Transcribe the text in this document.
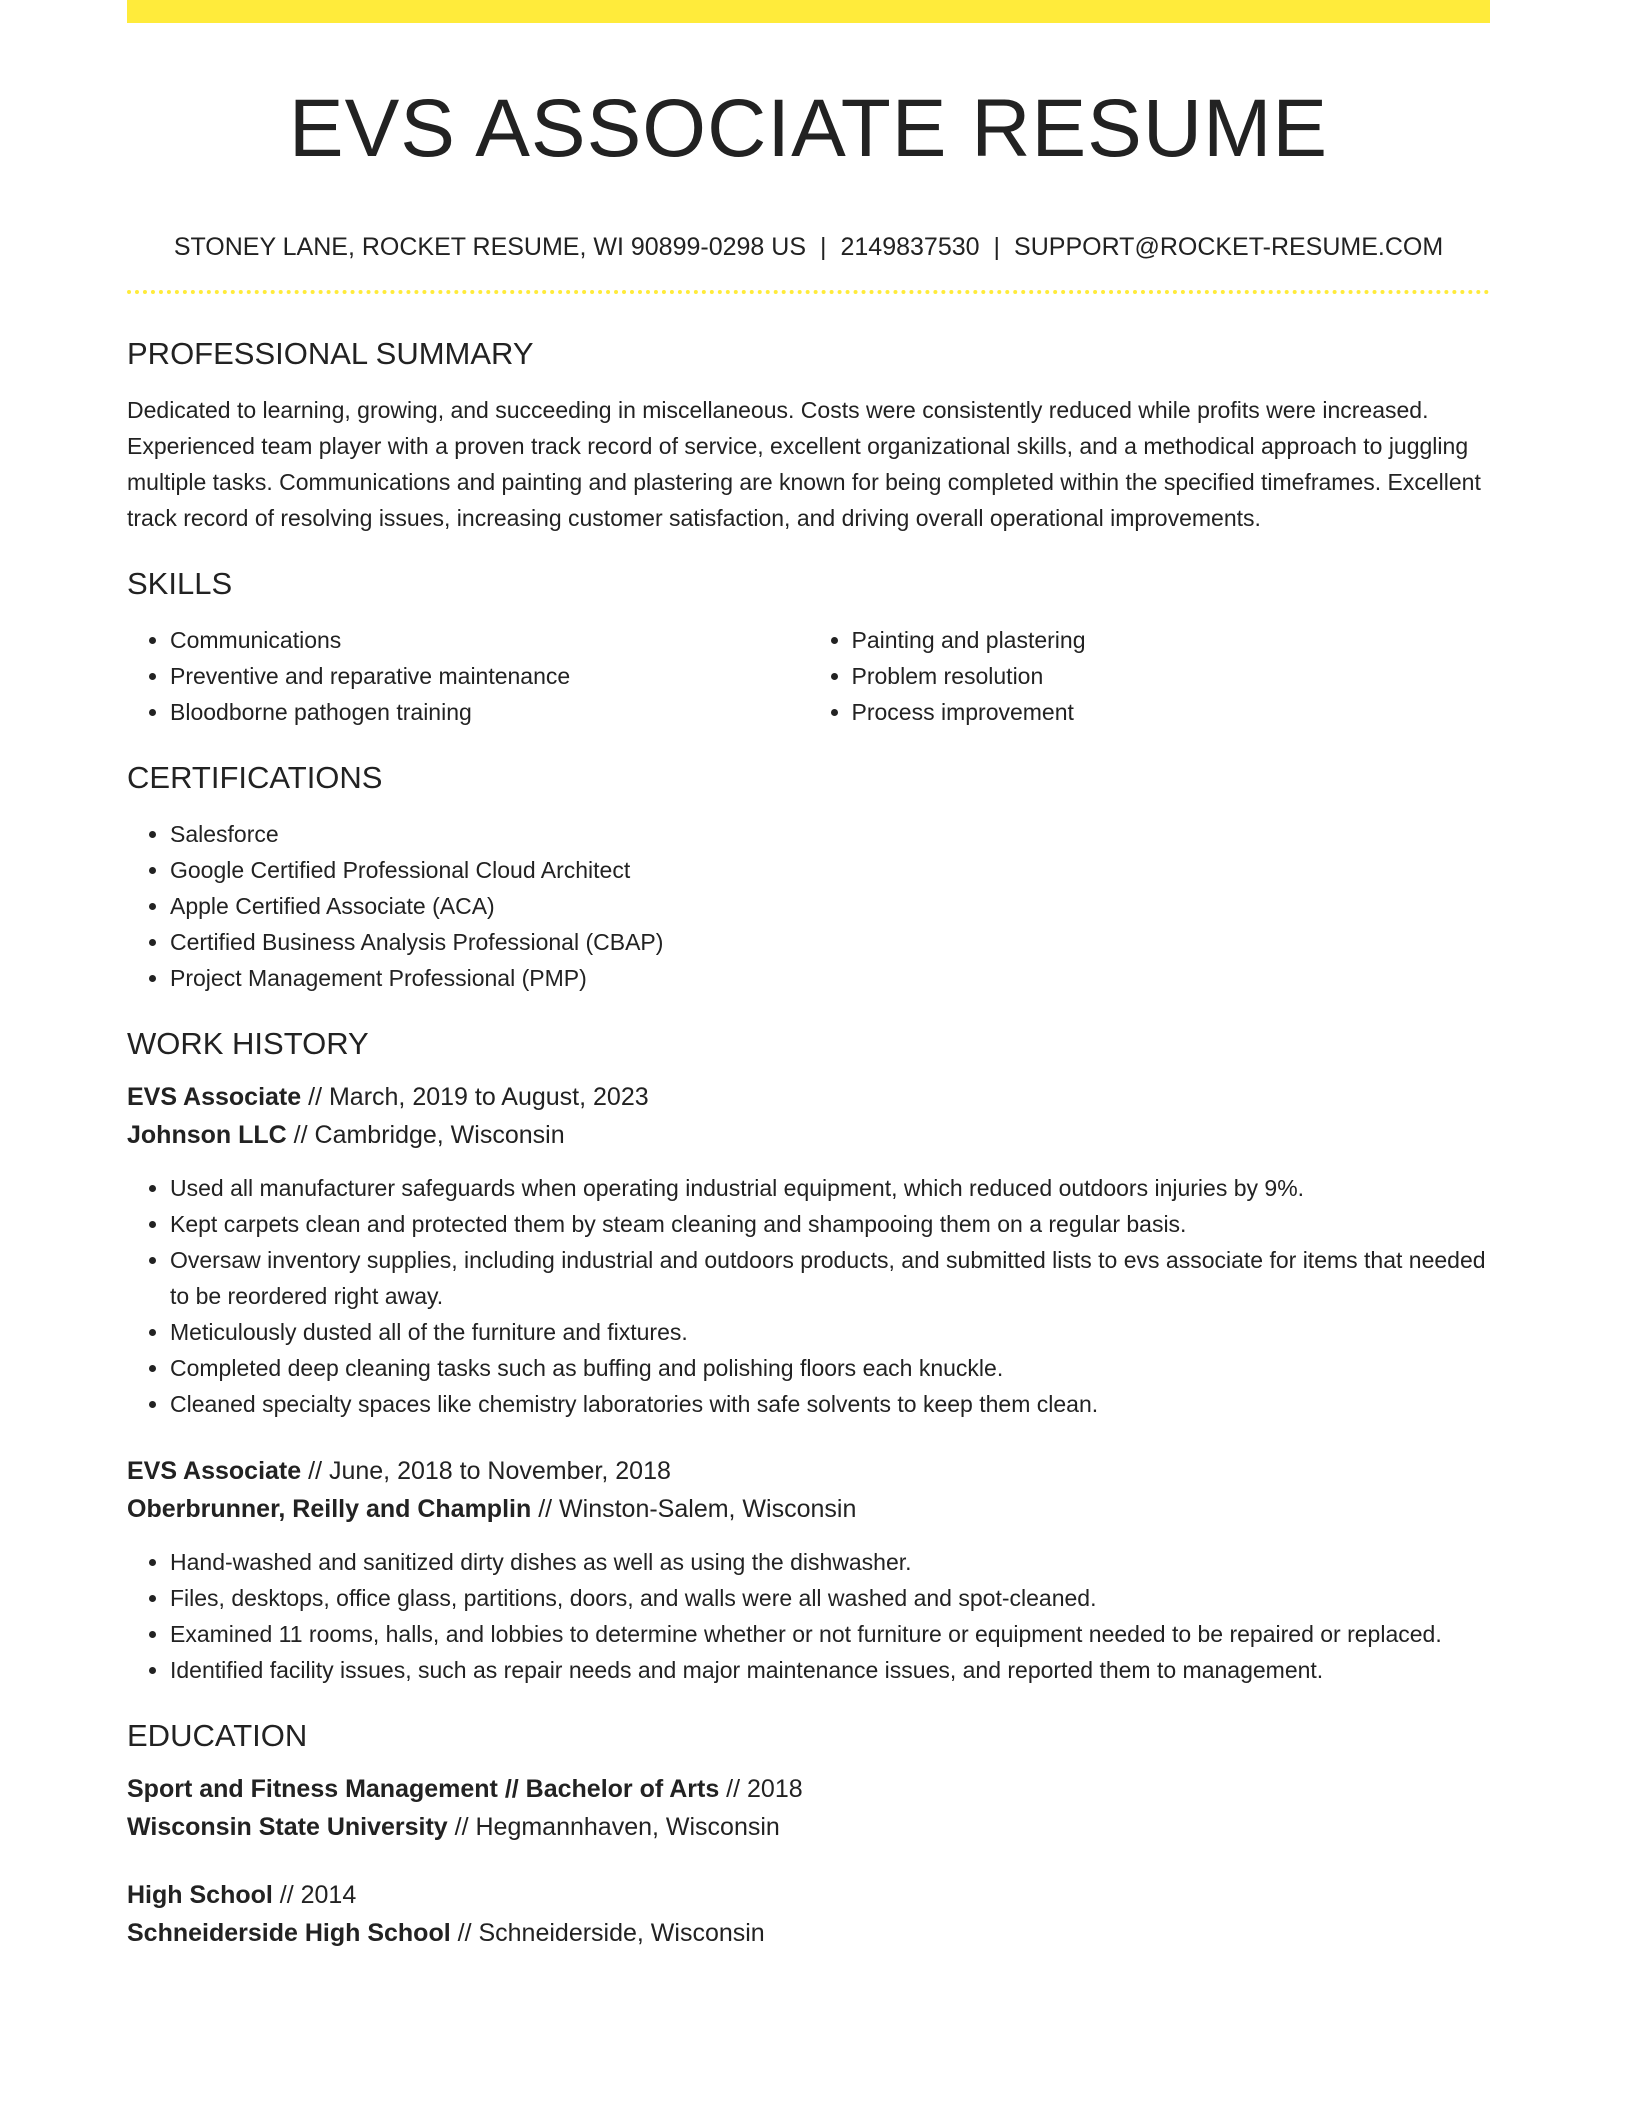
EVS ASSOCIATE RESUME
STONEY LANE, ROCKET RESUME, WI 90899-0298 US | 2149837530 | SUPPORT@ROCKET-RESUME.COM
PROFESSIONAL SUMMARY

Dedicated to learning, growing, and succeeding in miscellaneous. Costs were consistently reduced while profits were increased. Experienced team player with a proven track record of service, excellent organizational skills, and a methodical approach to juggling multiple tasks. Communications and painting and plastering are known for being completed within the specified timeframes. Excellent track record of resolving issues, increasing customer satisfaction, and driving overall operational improvements.

SKILLS
• Communications
• Preventive and reparative maintenance
• Bloodborne pathogen training
• Painting and plastering
• Problem resolution
• Process improvement
CERTIFICATIONS
• Salesforce
• Google Certified Professional Cloud Architect
• Apple Certified Associate (ACA)
• Certified Business Analysis Professional (CBAP)
• Project Management Professional (PMP)
WORK HISTORY

EVS Associate // March, 2019 to August, 2023

Johnson LLC // Cambridge, Wisconsin

• Used all manufacturer safeguards when operating industrial equipment, which reduced outdoors injuries by 9%.
• Kept carpets clean and protected them by steam cleaning and shampooing them on a regular basis.
• Oversaw inventory supplies, including industrial and outdoors products, and submitted lists to evs associate for items that needed to be reordered right away.
• Meticulously dusted all of the furniture and fixtures.
• Completed deep cleaning tasks such as buffing and polishing floors each knuckle.
• Cleaned specialty spaces like chemistry laboratories with safe solvents to keep them clean.

EVS Associate // June, 2018 to November, 2018

Oberbrunner, Reilly and Champlin // Winston-Salem, Wisconsin

• Hand-washed and sanitized dirty dishes as well as using the dishwasher.
• Files, desktops, office glass, partitions, doors, and walls were all washed and spot-cleaned.
• Examined 11 rooms, halls, and lobbies to determine whether or not furniture or equipment needed to be repaired or replaced.
• Identified facility issues, such as repair needs and major maintenance issues, and reported them to management.
EDUCATION

Sport and Fitness Management // Bachelor of Arts // 2018

Wisconsin State University // Hegmannhaven, Wisconsin

High School // 2014

Schneiderside High School // Schneiderside, Wisconsin
